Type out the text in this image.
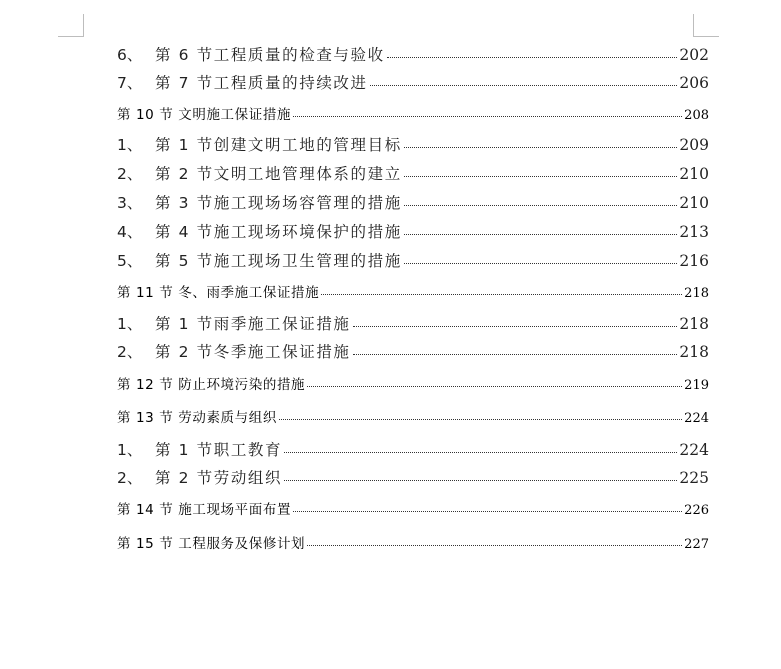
6、 第 6 节工程质量的检查与验收	202
7、 第 7 节工程质量的持续改进	206
第 10 节 文明施工保证措施	208
1、 第 1 节创建文明工地的管理目标	209
2、 第 2 节文明工地管理体系的建立	210
3、 第 3 节施工现场场容管理的措施	210
4、 第 4 节施工现场环境保护的措施	213
5、 第 5 节施工现场卫生管理的措施	216
第 11 节 冬、雨季施工保证措施	218
1、 第 1 节雨季施工保证措施	218
2、 第 2 节冬季施工保证措施	218
第 12 节 防止环境污染的措施	219
第 13 节 劳动素质与组织	224
1、 第 1 节职工教育	224
2、 第 2 节劳动组织	225
第 14 节 施工现场平面布置	226
第 15 节 工程服务及保修计划	227
